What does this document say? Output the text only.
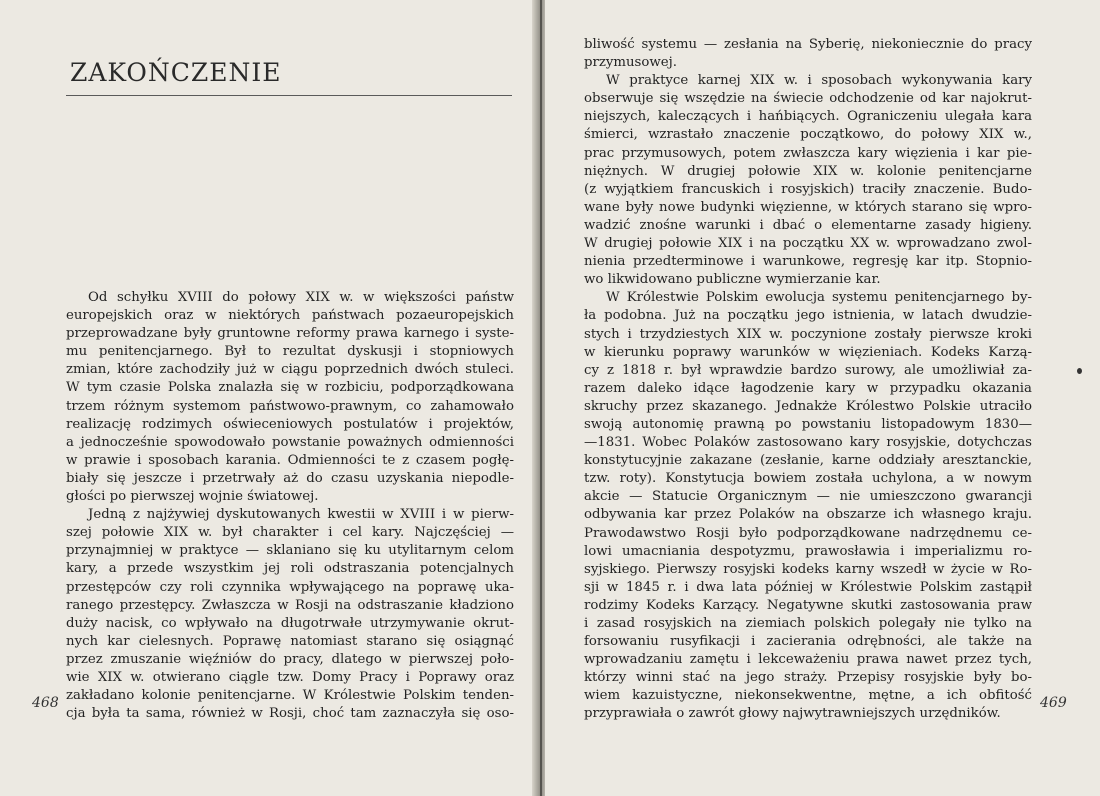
ZAKOŃCZENIE
Od schyłku XVIII do połowy XIX w. w większości państw
europejskich oraz w niektórych państwach pozaeuropejskich
przeprowadzane były gruntowne reformy prawa karnego i syste-
mu penitencjarnego. Był to rezultat dyskusji i stopniowych
zmian, które zachodziły już w ciągu poprzednich dwóch stuleci.
W tym czasie Polska znalazła się w rozbiciu, podporządkowana
trzem różnym systemom państwowo-prawnym, co zahamowało
realizację rodzimych oświeceniowych postulatów i projektów,
a jednocześnie spowodowało powstanie poważnych odmienności
w prawie i sposobach karania. Odmienności te z czasem pogłę-
biały się jeszcze i przetrwały aż do czasu uzyskania niepodle-
głości po pierwszej wojnie światowej.
Jedną z najżywiej dyskutowanych kwestii w XVIII i w pierw-
szej połowie XIX w. był charakter i cel kary. Najczęściej —
przynajmniej w praktyce — sklaniano się ku utylitarnym celom
kary, a przede wszystkim jej roli odstraszania potencjalnych
przestępców czy roli czynnika wpływającego na poprawę uka-
ranego przestępcy. Zwłaszcza w Rosji na odstraszanie kładziono
duży nacisk, co wpływało na długotrwałe utrzymywanie okrut-
nych kar cielesnych. Poprawę natomiast starano się osiągnąć
przez zmuszanie więźniów do pracy, dlatego w pierwszej poło-
wie XIX w. otwierano ciągle tzw. Domy Pracy i Poprawy oraz
zakładano kolonie penitencjarne. W Królestwie Polskim tenden-
cja była ta sama, również w Rosji, choć tam zaznaczyła się oso-
468
bliwość systemu — zesłania na Syberię, niekoniecznie do pracy
przymusowej.
W praktyce karnej XIX w. i sposobach wykonywania kary
obserwuje się wszędzie na świecie odchodzenie od kar najokrut-
niejszych, kaleczących i hańbiących. Ograniczeniu ulegała kara
śmierci, wzrastało znaczenie początkowo, do połowy XIX w.,
prac przymusowych, potem zwłaszcza kary więzienia i kar pie-
niężnych. W drugiej połowie XIX w. kolonie penitencjarne
(z wyjątkiem francuskich i rosyjskich) traciły znaczenie. Budo-
wane były nowe budynki więzienne, w których starano się wpro-
wadzić znośne warunki i dbać o elementarne zasady higieny.
W drugiej połowie XIX i na początku XX w. wprowadzano zwol-
nienia przedterminowe i warunkowe, regresję kar itp. Stopnio-
wo likwidowano publiczne wymierzanie kar.
W Królestwie Polskim ewolucja systemu penitencjarnego by-
ła podobna. Już na początku jego istnienia, w latach dwudzie-
stych i trzydziestych XIX w. poczynione zostały pierwsze kroki
w kierunku poprawy warunków w więzieniach. Kodeks Karzą-
cy z 1818 r. był wprawdzie bardzo surowy, ale umożliwiał za-
razem daleko idące łagodzenie kary w przypadku okazania
skruchy przez skazanego. Jednakże Królestwo Polskie utraciło
swoją autonomię prawną po powstaniu listopadowym 1830—
—1831. Wobec Polaków zastosowano kary rosyjskie, dotychczas
konstytucyjnie zakazane (zesłanie, karne oddziały aresztanckie,
tzw. roty). Konstytucja bowiem została uchylona, a w nowym
akcie — Statucie Organicznym — nie umieszczono gwarancji
odbywania kar przez Polaków na obszarze ich własnego kraju.
Prawodawstwo Rosji było podporządkowane nadrzędnemu ce-
lowi umacniania despotyzmu, prawosławia i imperializmu ro-
syjskiego. Pierwszy rosyjski kodeks karny wszedł w życie w Ro-
sji w 1845 r. i dwa lata później w Królestwie Polskim zastąpił
rodzimy Kodeks Karzący. Negatywne skutki zastosowania praw
i zasad rosyjskich na ziemiach polskich polegały nie tylko na
forsowaniu rusyfikacji i zacierania odrębności, ale także na
wprowadzaniu zamętu i lekceważeniu prawa nawet przez tych,
którzy winni stać na jego straży. Przepisy rosyjskie były bo-
wiem kazuistyczne, niekonsekwentne, mętne, a ich obfitość
przyprawiała o zawrót głowy najwytrawniejszych urzędników.
469
